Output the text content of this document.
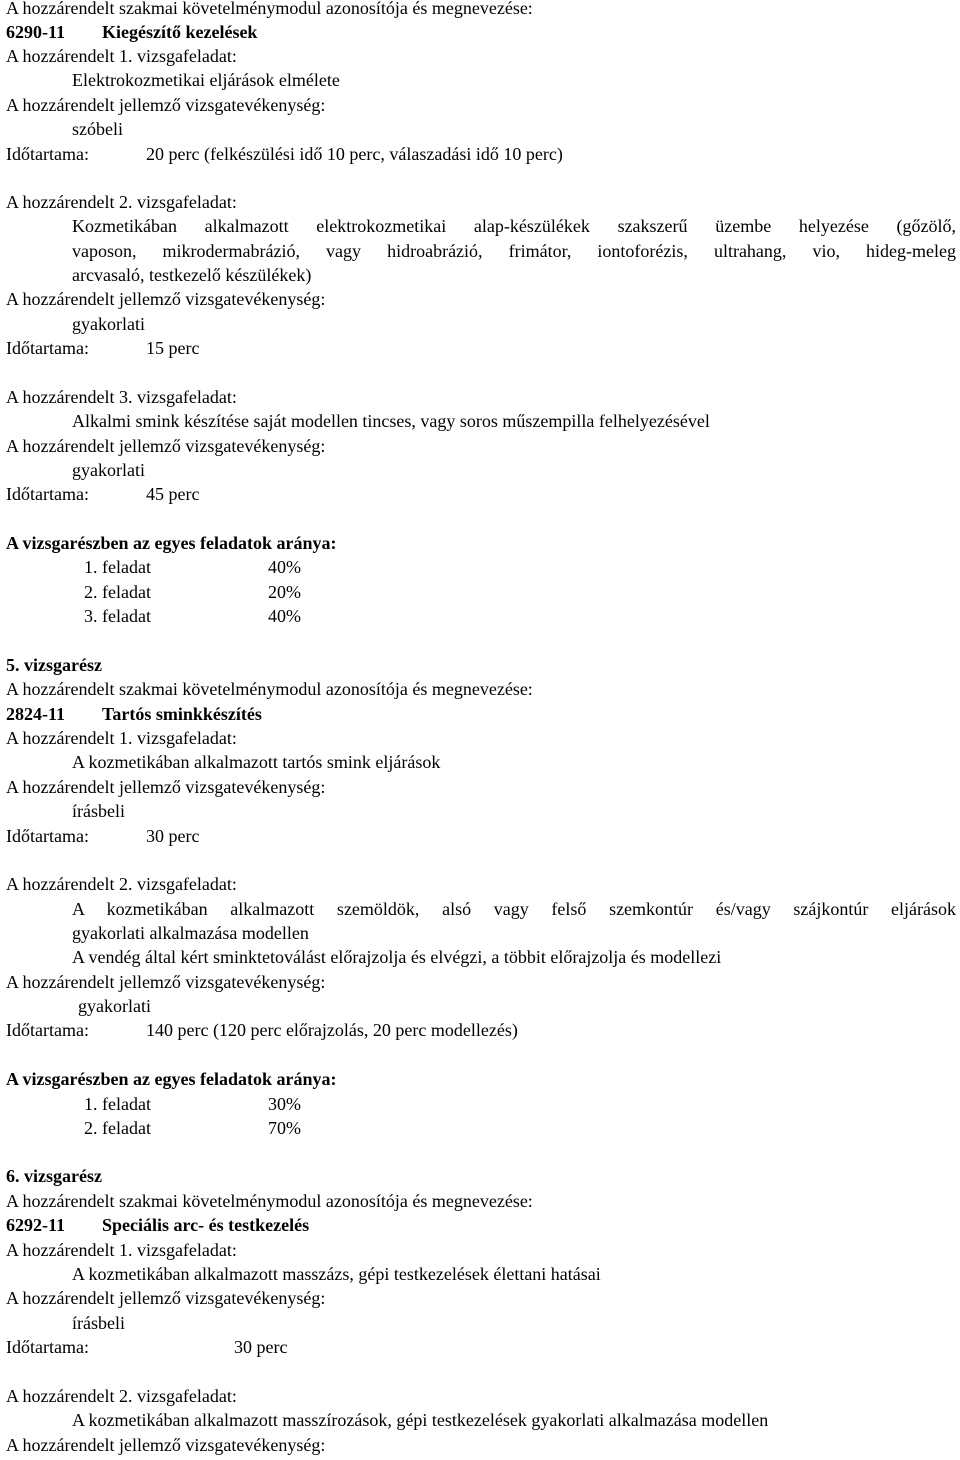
A hozzárendelt szakmai követelménymodul azonosítója és megnevezése:
6290-11 Kiegészítő kezelések
A hozzárendelt 1. vizsgafeladat:
Elektrokozmetikai eljárások elmélete
A hozzárendelt jellemző vizsgatevékenység:
szóbeli
Időtartama:	20 perc (felkészülési idő 10 perc, válaszadási idő 10 perc)
A hozzárendelt 2. vizsgafeladat:
Kozmetikában alkalmazott elektrokozmetikai alap-készülékek szakszerű üzembe helyezése (gőzölő,
vaposon, mikrodermabrázió, vagy hidroabrázió, frimátor, iontoforézis, ultrahang, vio, hideg-meleg
arcvasaló, testkezelő készülékek)
A hozzárendelt jellemző vizsgatevékenység:
gyakorlati
Időtartama:	15 perc
A hozzárendelt 3. vizsgafeladat:
Alkalmi smink készítése saját modellen tincses, vagy soros műszempilla felhelyezésével
A hozzárendelt jellemző vizsgatevékenység:
gyakorlati
Időtartama:	45 perc
A vizsgarészben az egyes feladatok aránya:
1. feladat	40%
2. feladat	20%
3. feladat	40%
5. vizsgarész
A hozzárendelt szakmai követelménymodul azonosítója és megnevezése:
2824-11 Tartós sminkkészítés
A hozzárendelt 1. vizsgafeladat:
A kozmetikában alkalmazott tartós smink eljárások
A hozzárendelt jellemző vizsgatevékenység:
írásbeli
Időtartama:	30 perc
A hozzárendelt 2. vizsgafeladat:
A kozmetikában alkalmazott szemöldök, alsó vagy felső szemkontúr és/vagy szájkontúr eljárások
gyakorlati alkalmazása modellen
A vendég által kért sminktetoválást előrajzolja és elvégzi, a többit előrajzolja és modellezi
A hozzárendelt jellemző vizsgatevékenység:
gyakorlati
Időtartama:	140 perc (120 perc előrajzolás, 20 perc modellezés)
A vizsgarészben az egyes feladatok aránya:
1. feladat	30%
2. feladat	70%
6. vizsgarész
A hozzárendelt szakmai követelménymodul azonosítója és megnevezése:
6292-11 Speciális arc- és testkezelés
A hozzárendelt 1. vizsgafeladat:
A kozmetikában alkalmazott masszázs, gépi testkezelések élettani hatásai
A hozzárendelt jellemző vizsgatevékenység:
írásbeli
Időtartama:	30 perc
A hozzárendelt 2. vizsgafeladat:
A kozmetikában alkalmazott masszírozások, gépi testkezelések gyakorlati alkalmazása modellen
A hozzárendelt jellemző vizsgatevékenység:
